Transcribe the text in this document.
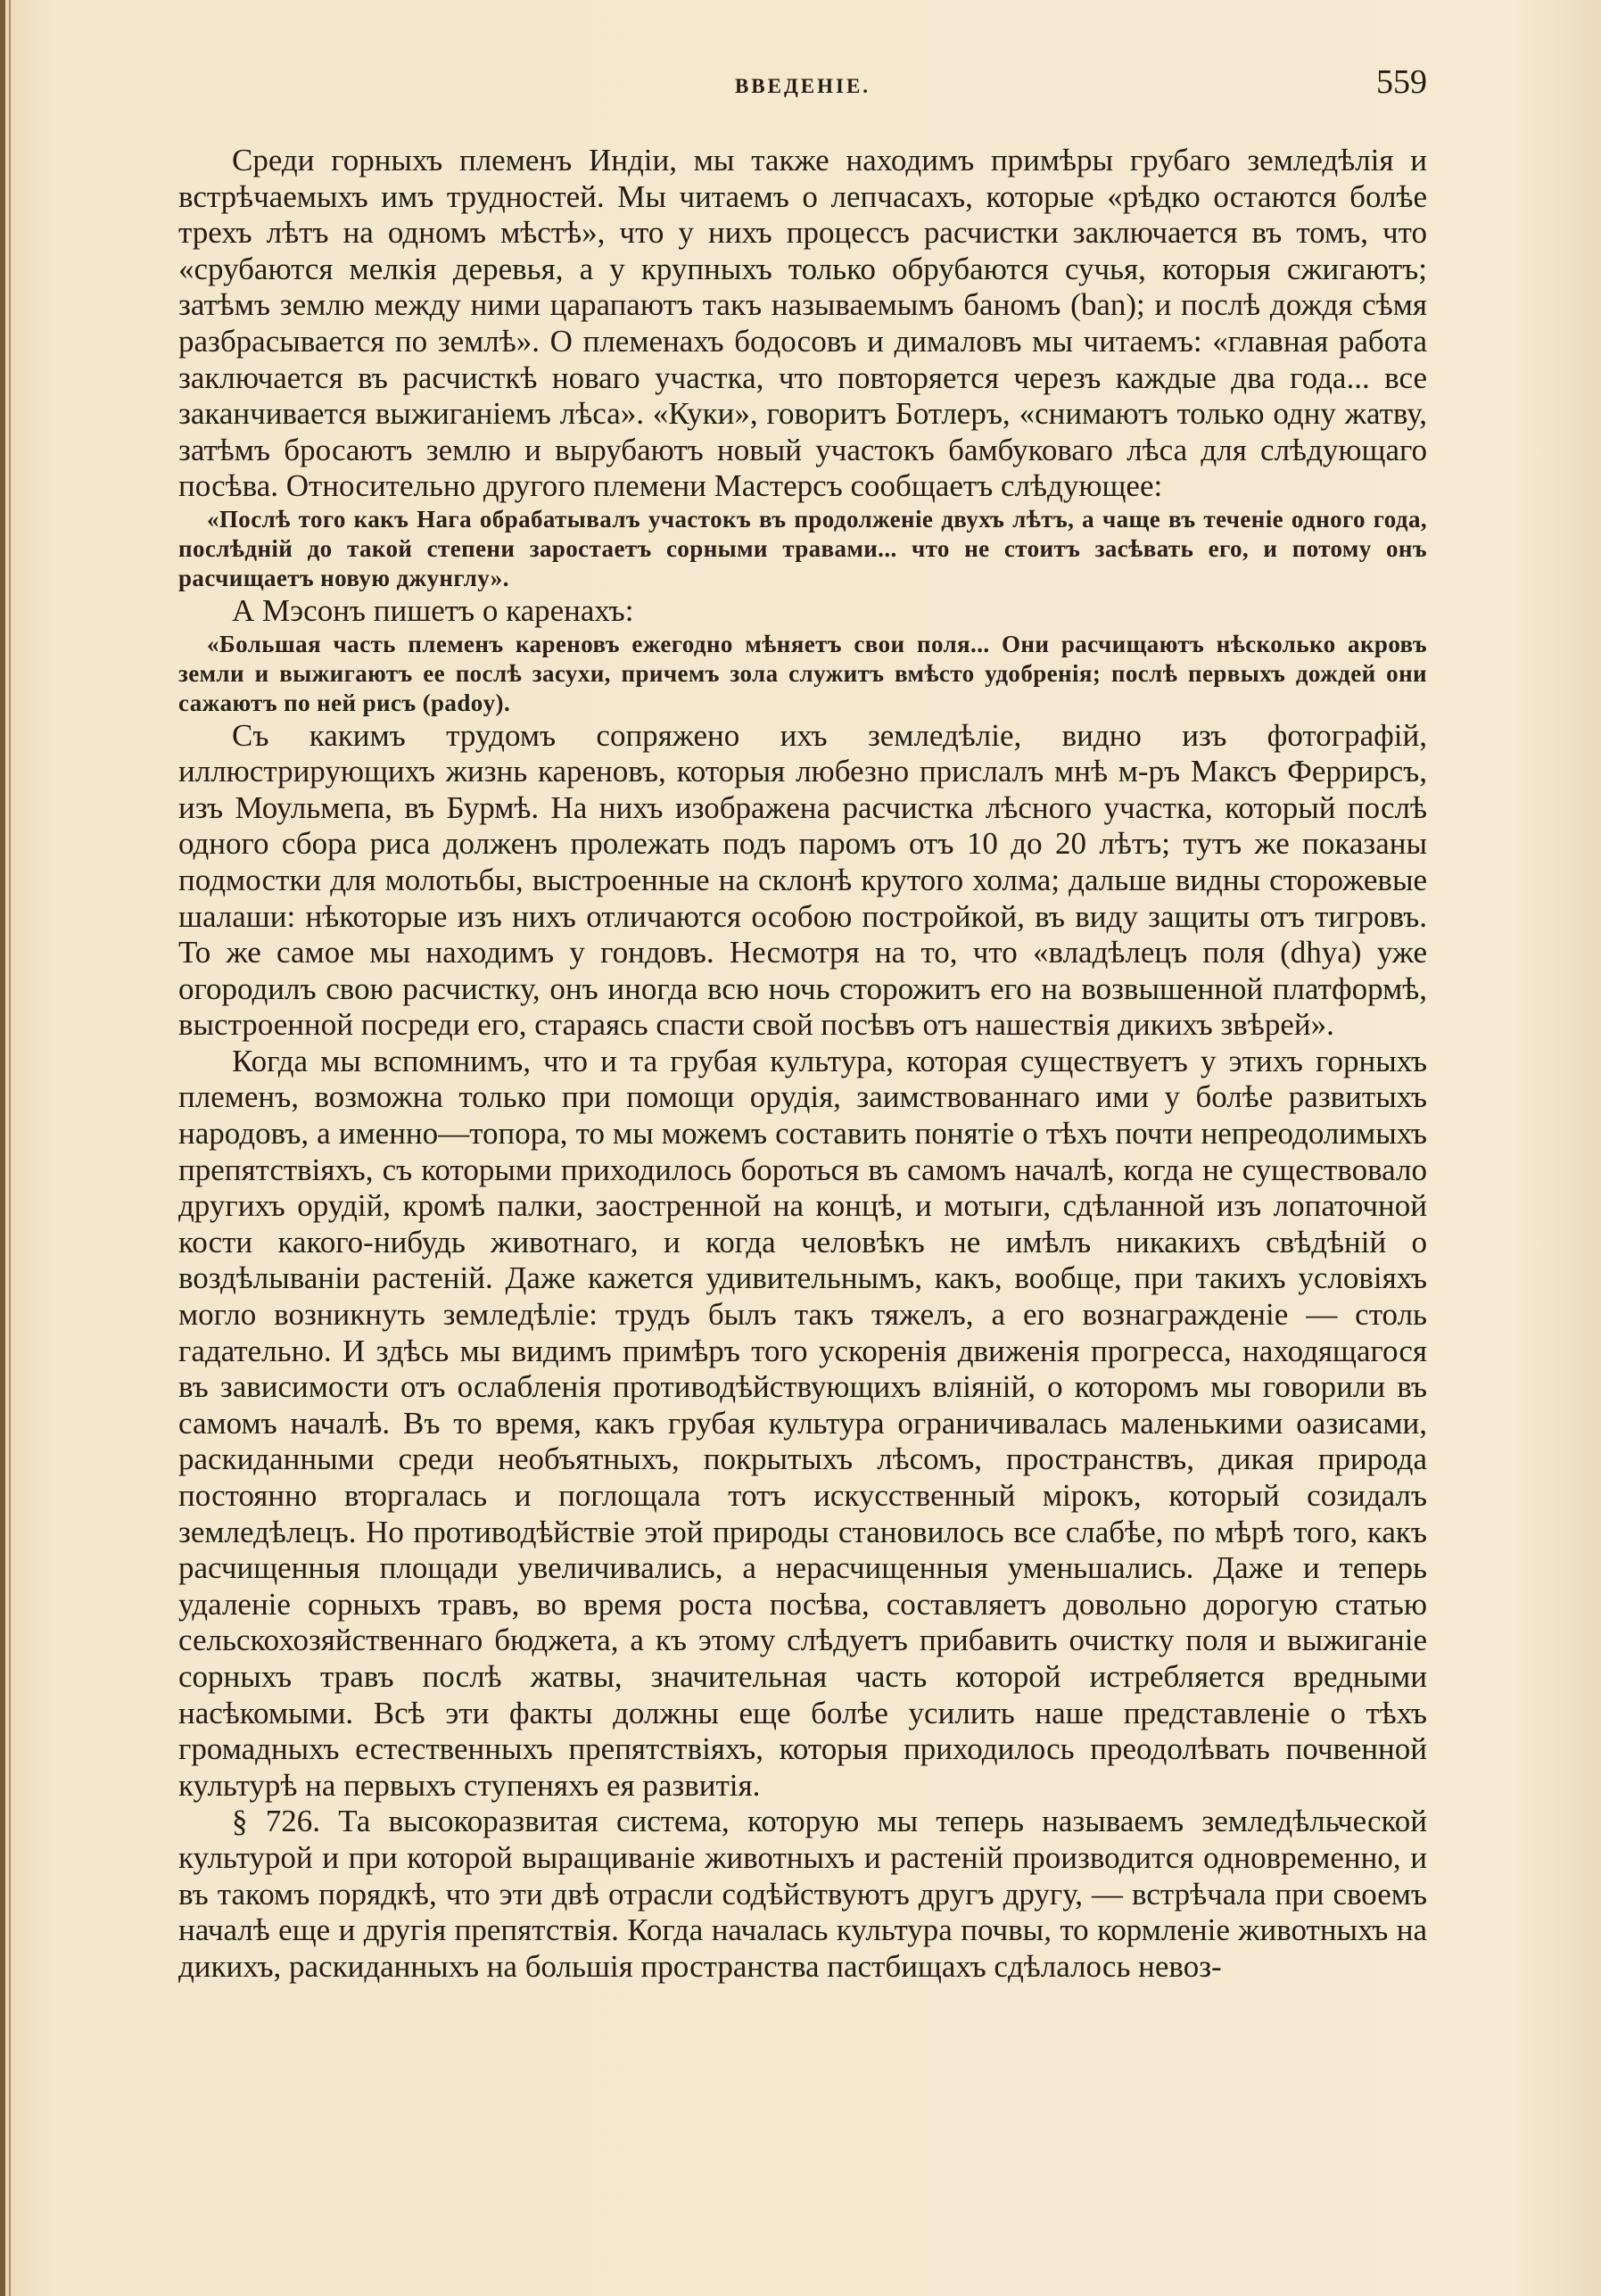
ВВЕДЕНІЕ.	559

Среди горныхъ племенъ Индіи, мы также находимъ примѣры грубаго земледѣлія и встрѣчаемыхъ имъ трудностей. Мы читаемъ о лепчасахъ, которые «рѣдко остаются болѣе трехъ лѣтъ на одномъ мѣстѣ», что у нихъ процессъ расчистки заключается въ томъ, что «срубаются мелкія деревья, а у крупныхъ только обрубаются сучья, которыя сжигаютъ; затѣмъ землю между ними царапаютъ такъ называемымъ баномъ (ban); и послѣ дождя сѣмя разбрасывается по землѣ». О племенахъ бодосовъ и дималовъ мы читаемъ: «главная работа заключается въ расчисткѣ новаго участка, что повторяется черезъ каждые два года... все заканчивается выжиганіемъ лѣса». «Куки», говоритъ Ботлеръ, «снимаютъ только одну жатву, затѣмъ бросаютъ землю и вырубаютъ новый участокъ бамбуковаго лѣса для слѣдующаго посѣва. Относительно другого племени Мастерсъ сообщаетъ слѣдующее:

«Послѣ того какъ Нага обрабатывалъ участокъ въ продолженіе двухъ лѣтъ, а чаще въ теченіе одного года, послѣдній до такой степени заростаетъ сорными травами... что не стоитъ засѣвать его, и потому онъ расчищаетъ новую джунглу».

А Мэсонъ пишетъ о каренахъ:

«Большая часть племенъ кареновъ ежегодно мѣняетъ свои поля... Они расчищаютъ нѣсколько акровъ земли и выжигаютъ ее послѣ засухи, причемъ зола служитъ вмѣсто удобренія; послѣ первыхъ дождей они сажаютъ по ней рисъ (padoy).

Съ какимъ трудомъ сопряжено ихъ земледѣліе, видно изъ фотографій, иллюстрирующихъ жизнь кареновъ, которыя любезно прислалъ мнѣ м-ръ Максъ Феррирсъ, изъ Моульмепа, въ Бурмѣ. На нихъ изображена расчистка лѣсного участка, который послѣ одного сбора риса долженъ пролежать подъ паромъ отъ 10 до 20 лѣтъ; тутъ же показаны подмостки для молотьбы, выстроенные на склонѣ крутого холма; дальше видны сторожевые шалаши: нѣкоторые изъ нихъ отличаются особою постройкой, въ виду защиты отъ тигровъ. То же самое мы находимъ у гондовъ. Несмотря на то, что «владѣлецъ поля (dhya) уже огородилъ свою расчистку, онъ иногда всю ночь сторожитъ его на возвышенной платформѣ, выстроенной посреди его, стараясь спасти свой посѣвъ отъ нашествія дикихъ звѣрей».

Когда мы вспомнимъ, что и та грубая культура, которая существуетъ у этихъ горныхъ племенъ, возможна только при помощи орудія, заимствованнаго ими у болѣе развитыхъ народовъ, а именно—топора, то мы можемъ составить понятіе о тѣхъ почти непреодолимыхъ препятствіяхъ, съ которыми приходилось бороться въ самомъ началѣ, когда не существовало другихъ орудій, кромѣ палки, заостренной на концѣ, и мотыги, сдѣланной изъ лопаточной кости какого-нибудь животнаго, и когда человѣкъ не имѣлъ никакихъ свѣдѣній о воздѣлываніи растеній. Даже кажется удивительнымъ, какъ, вообще, при такихъ условіяхъ могло возникнуть земледѣліе: трудъ былъ такъ тяжелъ, а его вознагражденіе — столь гадательно. И здѣсь мы видимъ примѣръ того ускоренія движенія прогресса, находящагося въ зависимости отъ ослабленія противодѣйствующихъ вліяній, о которомъ мы говорили въ самомъ началѣ. Въ то время, какъ грубая культура ограничивалась маленькими оазисами, раскиданными среди необъятныхъ, покрытыхъ лѣсомъ, пространствъ, дикая природа постоянно вторгалась и поглощала тотъ искусственный мірокъ, который созидалъ земледѣлецъ. Но противодѣйствіе этой природы становилось все слабѣе, по мѣрѣ того, какъ расчищенныя площади увеличивались, а нерасчищенныя уменьшались. Даже и теперь удаленіе сорныхъ травъ, во время роста посѣва, составляетъ довольно дорогую статью сельскохозяйственнаго бюджета, а къ этому слѣдуетъ прибавить очистку поля и выжиганіе сорныхъ травъ послѣ жатвы, значительная часть которой истребляется вредными насѣкомыми. Всѣ эти факты должны еще болѣе усилить наше представленіе о тѣхъ громадныхъ естественныхъ препятствіяхъ, которыя приходилось преодолѣвать почвенной культурѣ на первыхъ ступеняхъ ея развитія.

§ 726. Та высокоразвитая система, которую мы теперь называемъ земледѣльческой культурой и при которой выращиваніе животныхъ и растеній производится одновременно, и въ такомъ порядкѣ, что эти двѣ отрасли содѣйствуютъ другъ другу, — встрѣчала при своемъ началѣ еще и другія препятствія. Когда началась культура почвы, то кормленіе животныхъ на дикихъ, раскиданныхъ на большія пространства пастбищахъ сдѣлалось невоз-
